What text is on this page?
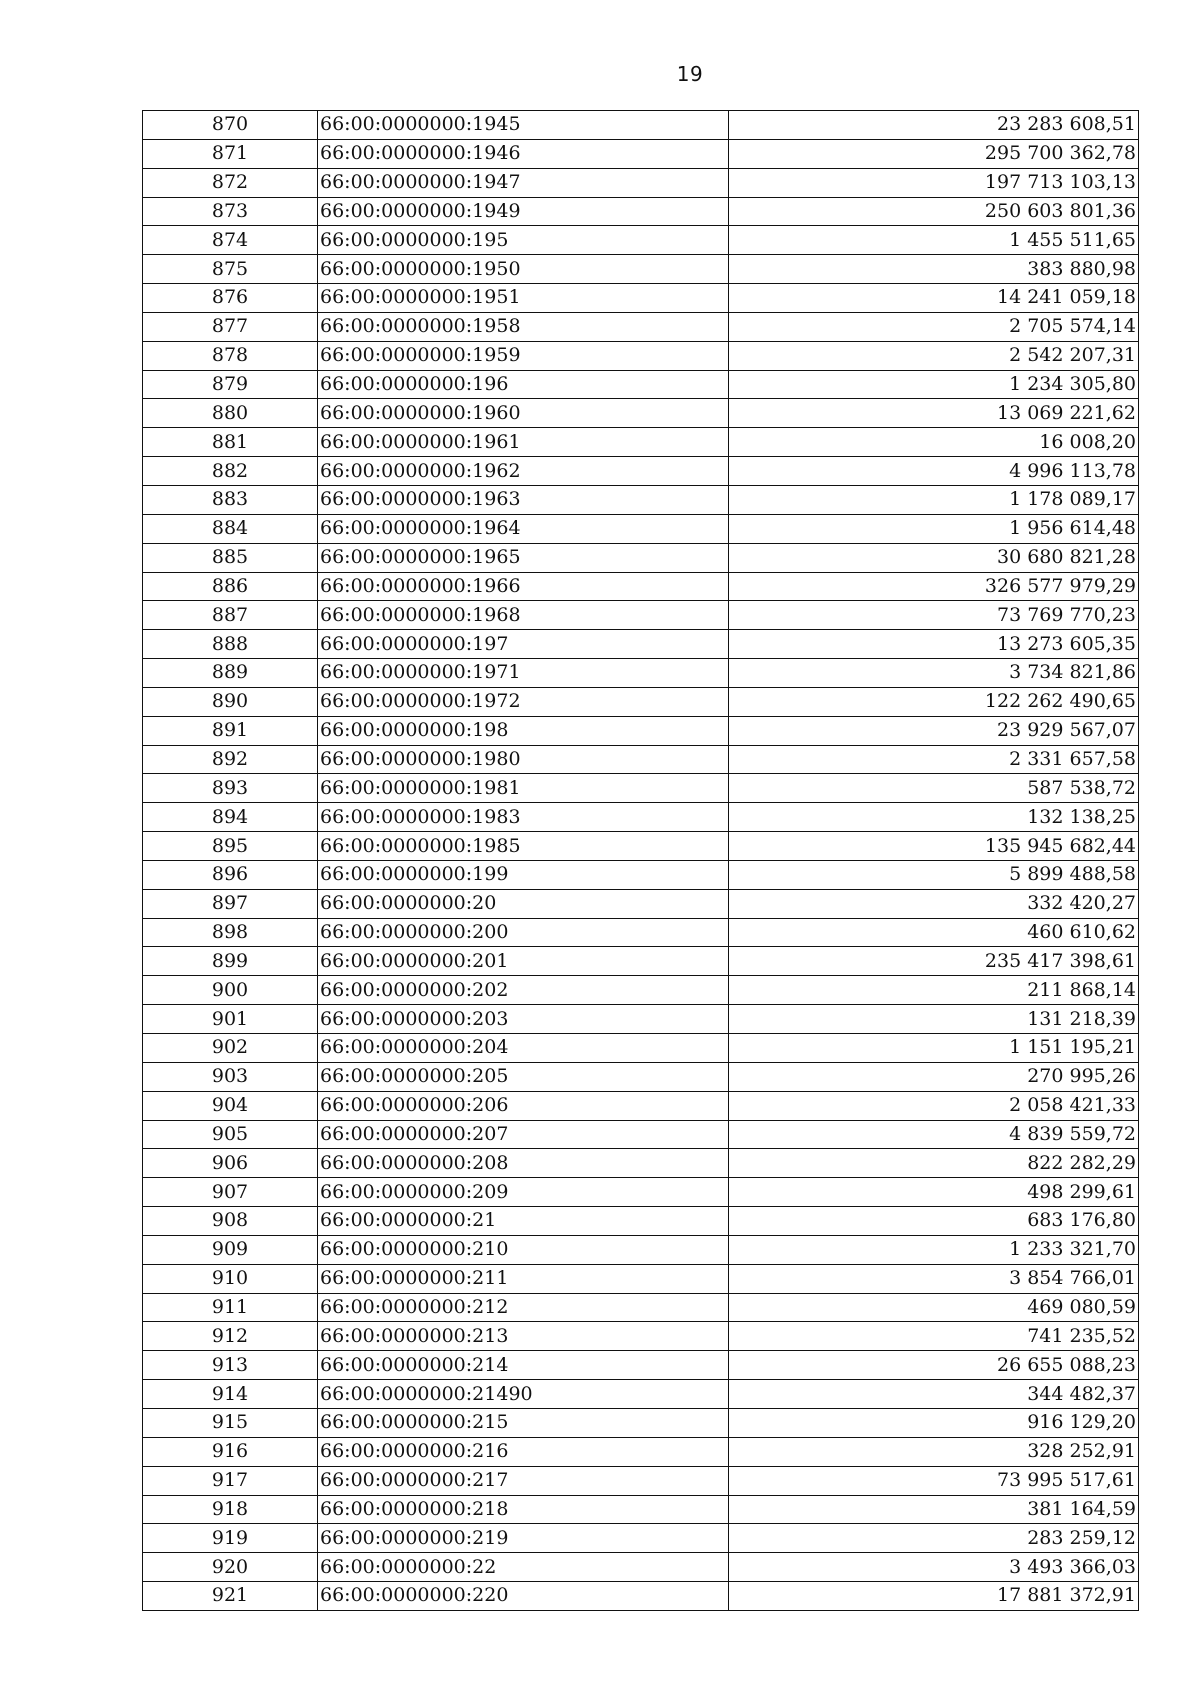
19
870	66:00:0000000:1945	23 283 608,51
871	66:00:0000000:1946	295 700 362,78
872	66:00:0000000:1947	197 713 103,13
873	66:00:0000000:1949	250 603 801,36
874	66:00:0000000:195	1 455 511,65
875	66:00:0000000:1950	383 880,98
876	66:00:0000000:1951	14 241 059,18
877	66:00:0000000:1958	2 705 574,14
878	66:00:0000000:1959	2 542 207,31
879	66:00:0000000:196	1 234 305,80
880	66:00:0000000:1960	13 069 221,62
881	66:00:0000000:1961	16 008,20
882	66:00:0000000:1962	4 996 113,78
883	66:00:0000000:1963	1 178 089,17
884	66:00:0000000:1964	1 956 614,48
885	66:00:0000000:1965	30 680 821,28
886	66:00:0000000:1966	326 577 979,29
887	66:00:0000000:1968	73 769 770,23
888	66:00:0000000:197	13 273 605,35
889	66:00:0000000:1971	3 734 821,86
890	66:00:0000000:1972	122 262 490,65
891	66:00:0000000:198	23 929 567,07
892	66:00:0000000:1980	2 331 657,58
893	66:00:0000000:1981	587 538,72
894	66:00:0000000:1983	132 138,25
895	66:00:0000000:1985	135 945 682,44
896	66:00:0000000:199	5 899 488,58
897	66:00:0000000:20	332 420,27
898	66:00:0000000:200	460 610,62
899	66:00:0000000:201	235 417 398,61
900	66:00:0000000:202	211 868,14
901	66:00:0000000:203	131 218,39
902	66:00:0000000:204	1 151 195,21
903	66:00:0000000:205	270 995,26
904	66:00:0000000:206	2 058 421,33
905	66:00:0000000:207	4 839 559,72
906	66:00:0000000:208	822 282,29
907	66:00:0000000:209	498 299,61
908	66:00:0000000:21	683 176,80
909	66:00:0000000:210	1 233 321,70
910	66:00:0000000:211	3 854 766,01
911	66:00:0000000:212	469 080,59
912	66:00:0000000:213	741 235,52
913	66:00:0000000:214	26 655 088,23
914	66:00:0000000:21490	344 482,37
915	66:00:0000000:215	916 129,20
916	66:00:0000000:216	328 252,91
917	66:00:0000000:217	73 995 517,61
918	66:00:0000000:218	381 164,59
919	66:00:0000000:219	283 259,12
920	66:00:0000000:22	3 493 366,03
921	66:00:0000000:220	17 881 372,91
